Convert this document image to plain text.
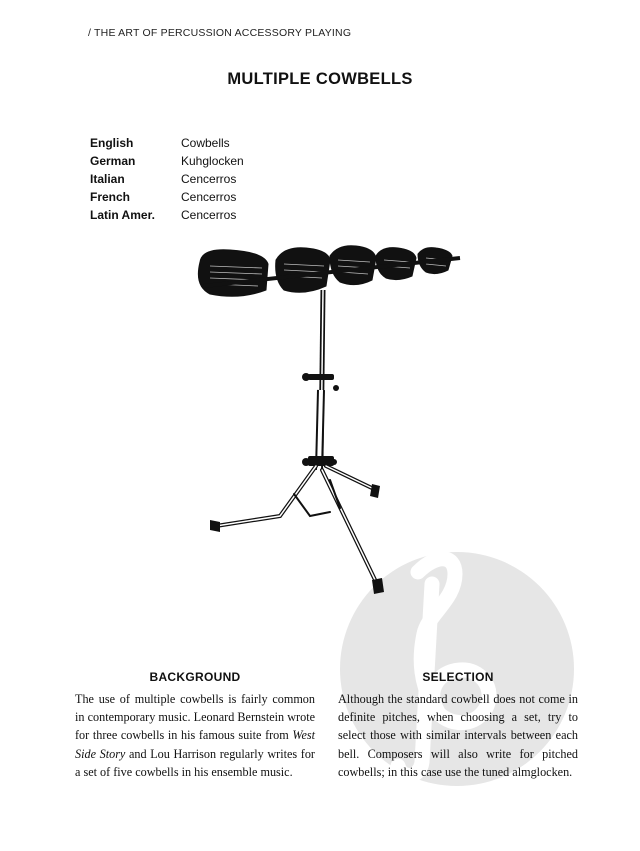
/ THE ART OF PERCUSSION ACCESSORY PLAYING
MULTIPLE COWBELLS
English	Cowbells
German	Kuhglocken
Italian	Cencerros
French	Cencerros
Latin Amer.	Cencerros
BACKGROUND	SELECTION
The use of multiple cowbells is fairly common in contemporary music. Leonard Bernstein wrote for three cowbells in his famous suite from West Side Story and Lou Harrison regularly writes for a set of five cowbells in his ensemble music.
Although the standard cowbell does not come in definite pitches, when choosing a set, try to select those with similar intervals between each bell. Composers will also write for pitched cowbells; in this case use the tuned almglocken.
